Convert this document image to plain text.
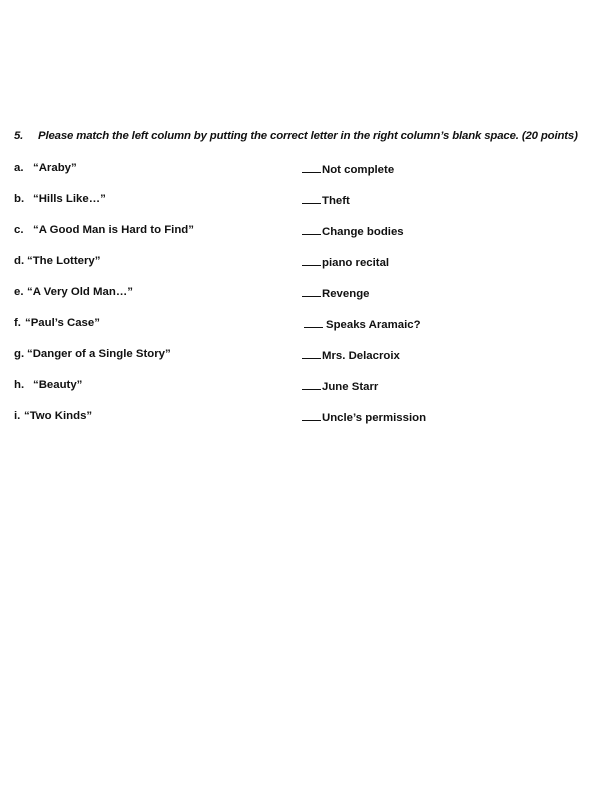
5. Please match the left column by putting the correct letter in the right column’s blank space. (20 points)
a. “Araby”	Not complete
b. “Hills Like…”	Theft
c. “A Good Man is Hard to Find”	Change bodies
d. “The Lottery”	piano recital
e. “A Very Old Man…”	Revenge
f. “Paul’s Case”	Speaks Aramaic?
g. “Danger of a Single Story”	Mrs. Delacroix
h. “Beauty”	June Starr
i. “Two Kinds”	Uncle’s permission
